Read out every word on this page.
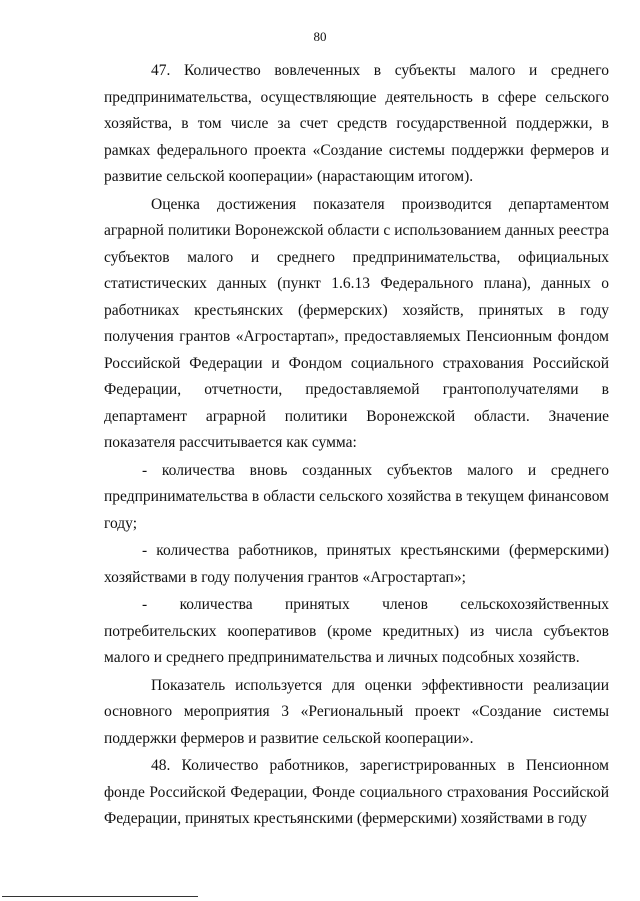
80

47. Количество вовлеченных в субъекты малого и среднего предпринимательства, осуществляющие деятельность в сфере сельского хозяйства, в том числе за счет средств государственной поддержки, в рамках федерального проекта «Создание системы поддержки фермеров и развитие сельской кооперации» (нарастающим итогом).

Оценка достижения показателя производится департаментом аграрной политики Воронежской области с использованием данных реестра субъектов малого и среднего предпринимательства, официальных статистических данных (пункт 1.6.13 Федерального плана), данных о работниках крестьянских (фермерских) хозяйств, принятых в году получения грантов «Агростартап», предоставляемых Пенсионным фондом Российской Федерации и Фондом социального страхования Российской Федерации, отчетности, предоставляемой грантополучателями в департамент аграрной политики Воронежской области. Значение показателя рассчитывается как сумма:

- количества вновь созданных субъектов малого и среднего предпринимательства в области сельского хозяйства в текущем финансовом году;

- количества работников, принятых крестьянскими (фермерскими) хозяйствами в году получения грантов «Агростартап»;

- количества принятых членов сельскохозяйственных потребительских кооперативов (кроме кредитных) из числа субъектов малого и среднего предпринимательства и личных подсобных хозяйств.

Показатель используется для оценки эффективности реализации основного мероприятия 3 «Региональный проект «Создание системы поддержки фермеров и развитие сельской кооперации».

48. Количество работников, зарегистрированных в Пенсионном фонде Российской Федерации, Фонде социального страхования Российской Федерации, принятых крестьянскими (фермерскими) хозяйствами в году
